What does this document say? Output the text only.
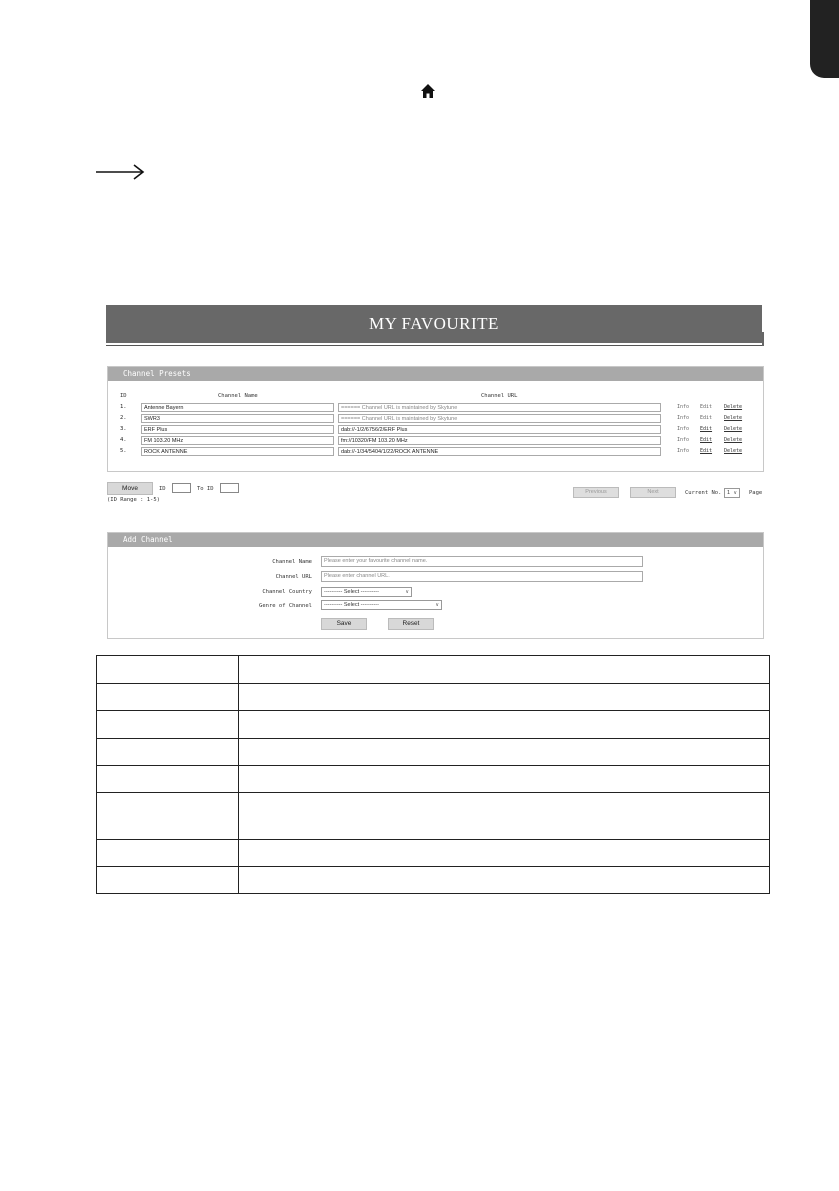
MY FAVOURITE
Channel Presets
ID	Channel Name	Channel URL
1.	Antenne Bayern	====== Channel URL is maintained by Skytune	Info Edit Delete
2.	SWR3	====== Channel URL is maintained by Skytune	Info Edit Delete
3.	ERF Plus	dab://-1/2/6756/2/ERF Plus	Info Edit Delete
4.	FM 103.20 MHz	fm://10320/FM 103.20 MHz	Info Edit Delete
5.	ROCK ANTENNE	dab://-1/34/5404/1/22/ROCK ANTENNE	Info Edit Delete
Move	ID	To ID
(ID Range : 1-5)
Previous	Next	Current No.	1 ∨ Page
Add Channel
Channel Name	Please enter your favourite channel name.
Channel URL	Please enter channel URL.
Channel Country	---------- Select ----------	∨
Genre of Channel	---------- Select ----------	∨
Save	Reset
